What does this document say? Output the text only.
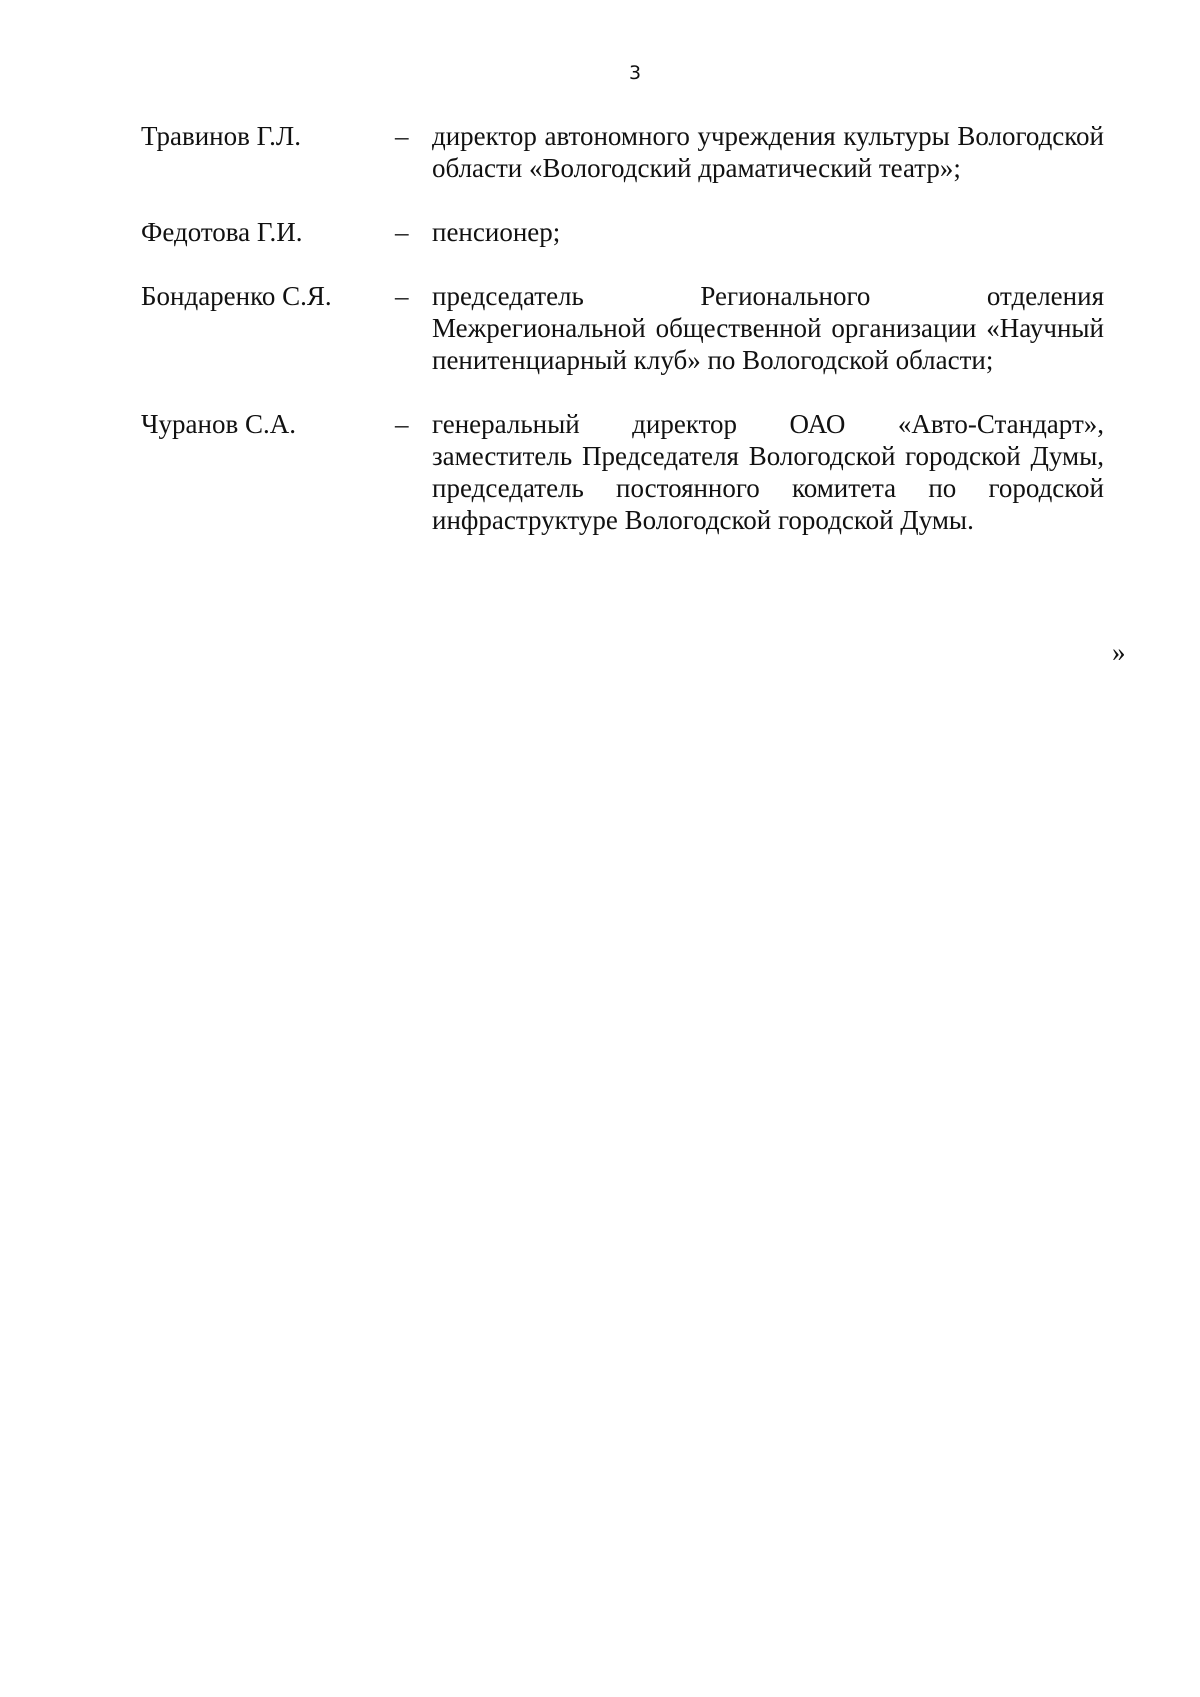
3
Травинов Г.Л.	– директор автономного учреждения культуры Вологодской области «Вологодский драматический театр»;
Федотова Г.И.	– пенсионер;
Бондаренко С.Я.	– председатель Регионального отделения Межрегиональной общественной организации «Научный пенитенциарный клуб» по Вологодской области;
Чуранов С.А.	– генеральный директор ОАО «Авто-Стандарт», заместитель Председателя Вологодской городской Думы, председатель постоянного комитета по городской инфраструктуре Вологодской городской Думы.
»
